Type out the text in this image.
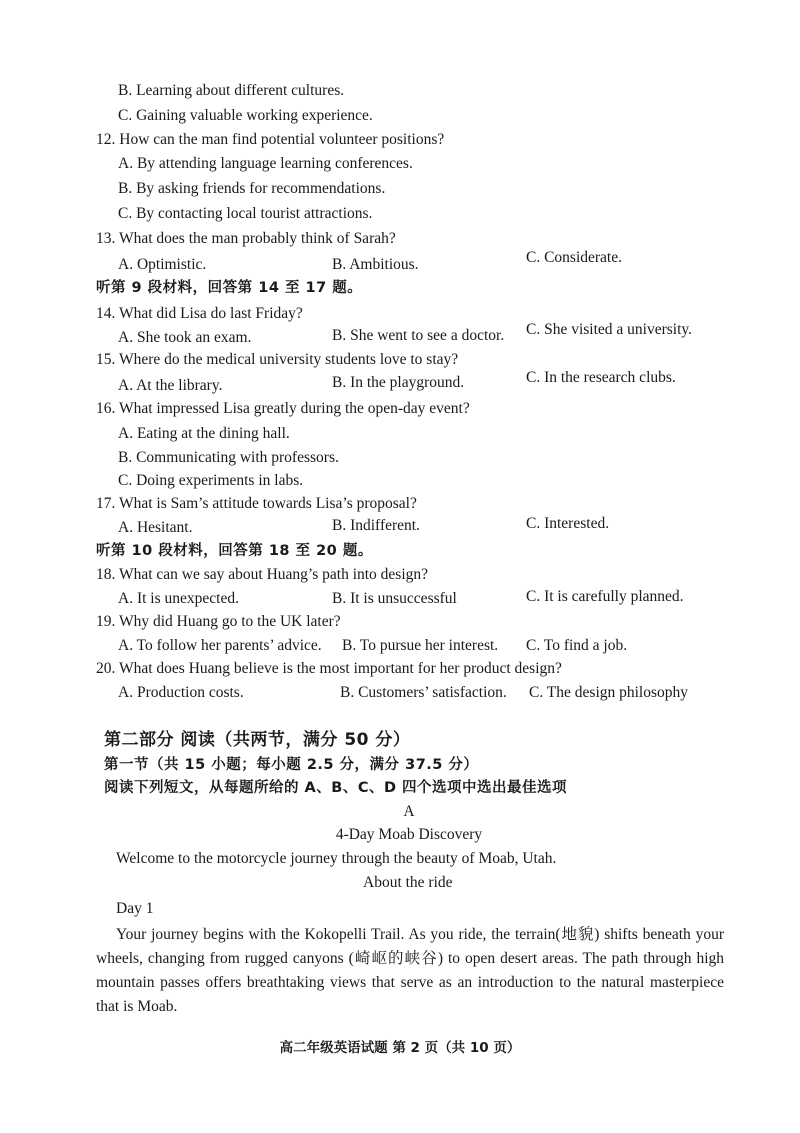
B. Learning about different cultures.
C. Gaining valuable working experience.
12. How can the man find potential volunteer positions?
A. By attending language learning conferences.
B. By asking friends for recommendations.
C. By contacting local tourist attractions.
13. What does the man probably think of Sarah?
A. Optimistic.	B. Ambitious.	C. Considerate.
听第 9 段材料，回答第 14 至 17 题。
14. What did Lisa do last Friday?
A. She took an exam.	B. She went to see a doctor. C. She visited a university.
15. Where do the medical university students love to stay?
A. At the library.	B. In the playground.	C. In the research clubs.
16. What impressed Lisa greatly during the open-day event?
A. Eating at the dining hall.
B. Communicating with professors.
C. Doing experiments in labs.
17. What is Sam’s attitude towards Lisa’s proposal?
A. Hesitant.	B. Indifferent.	C. Interested.
听第 10 段材料，回答第 18 至 20 题。
18. What can we say about Huang’s path into design?
A. It is unexpected.	B. It is unsuccessful	C. It is carefully planned.
19. Why did Huang go to the UK later?
A. To follow her parents’ advice. B. To pursue her interest. C. To find a job.
20. What does Huang believe is the most important for her product design?
A. Production costs.	B. Customers’ satisfaction. C. The design philosophy
第二部分 阅读（共两节，满分 50 分）
第一节（共 15 小题；每小题 2.5 分，满分 37.5 分）
阅读下列短文，从每题所给的 A、B、C、D 四个选项中选出最佳选项
A
4-Day Moab Discovery
Welcome to the motorcycle journey through the beauty of Moab, Utah.
About the ride
Day 1
Your journey begins with the Kokopelli Trail. As you ride, the terrain(地貌) shifts beneath your wheels, changing from rugged canyons (崎岖的峡谷) to open desert areas. The path through high mountain passes offers breathtaking views that serve as an introduction to the natural masterpiece that is Moab.
高二年级英语试题 第 2 页（共 10 页）
